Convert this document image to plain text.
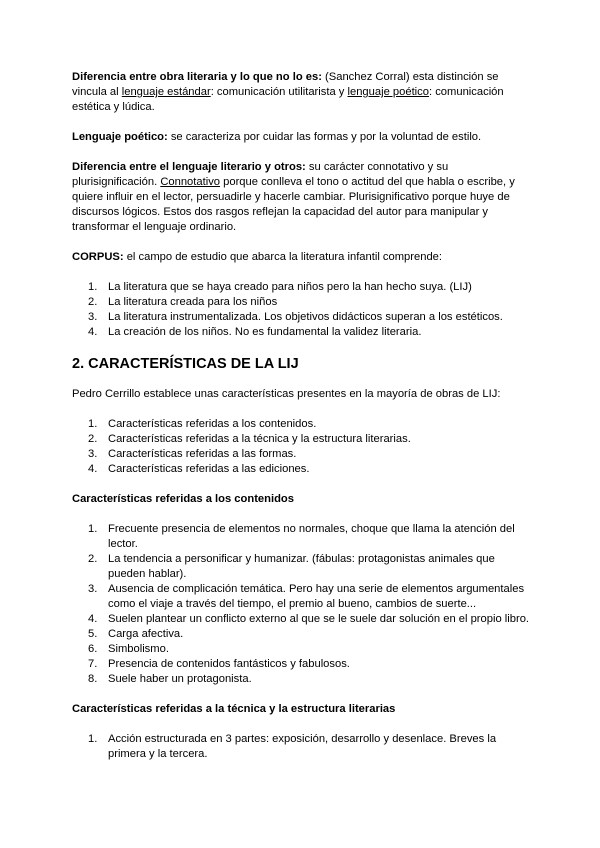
Diferencia entre obra literaria y lo que no lo es: (Sanchez Corral) esta distinción se vincula al lenguaje estándar: comunicación utilitarista y lenguaje poético: comunicación estética y lúdica.

Lenguaje poético: se caracteriza por cuidar las formas y por la voluntad de estilo.

Diferencia entre el lenguaje literario y otros: su carácter connotativo y su plurisignificación. Connotativo porque conlleva el tono o actitud del que habla o escribe, y quiere influir en el lector, persuadirle y hacerle cambiar. Plurisignificativo porque huye de discursos lógicos. Estos dos rasgos reflejan la capacidad del autor para manipular y transformar el lenguaje ordinario.

CORPUS: el campo de estudio que abarca la literatura infantil comprende:

1. La literatura que se haya creado para niños pero la han hecho suya. (LIJ)
2. La literatura creada para los niños
3. La literatura instrumentalizada. Los objetivos didácticos superan a los estéticos.
4. La creación de los niños. No es fundamental la validez literaria.
2. CARACTERÍSTICAS DE LA LIJ

Pedro Cerrillo establece unas características presentes en la mayoría de obras de LIJ:

1. Características referidas a los contenidos.
2. Características referidas a la técnica y la estructura literarias.
3. Características referidas a las formas.
4. Características referidas a las ediciones.
Características referidas a los contenidos
1. Frecuente presencia de elementos no normales, choque que llama la atención del lector.
2. La tendencia a personificar y humanizar. (fábulas: protagonistas animales que pueden hablar).
3. Ausencia de complicación temática. Pero hay una serie de elementos argumentales como el viaje a través del tiempo, el premio al bueno, cambios de suerte...
4. Suelen plantear un conflicto externo al que se le suele dar solución en el propio libro.
5. Carga afectiva.
6. Simbolismo.
7. Presencia de contenidos fantásticos y fabulosos.
8. Suele haber un protagonista.
Características referidas a la técnica y la estructura literarias
1. Acción estructurada en 3 partes: exposición, desarrollo y desenlace. Breves la primera y la tercera.
